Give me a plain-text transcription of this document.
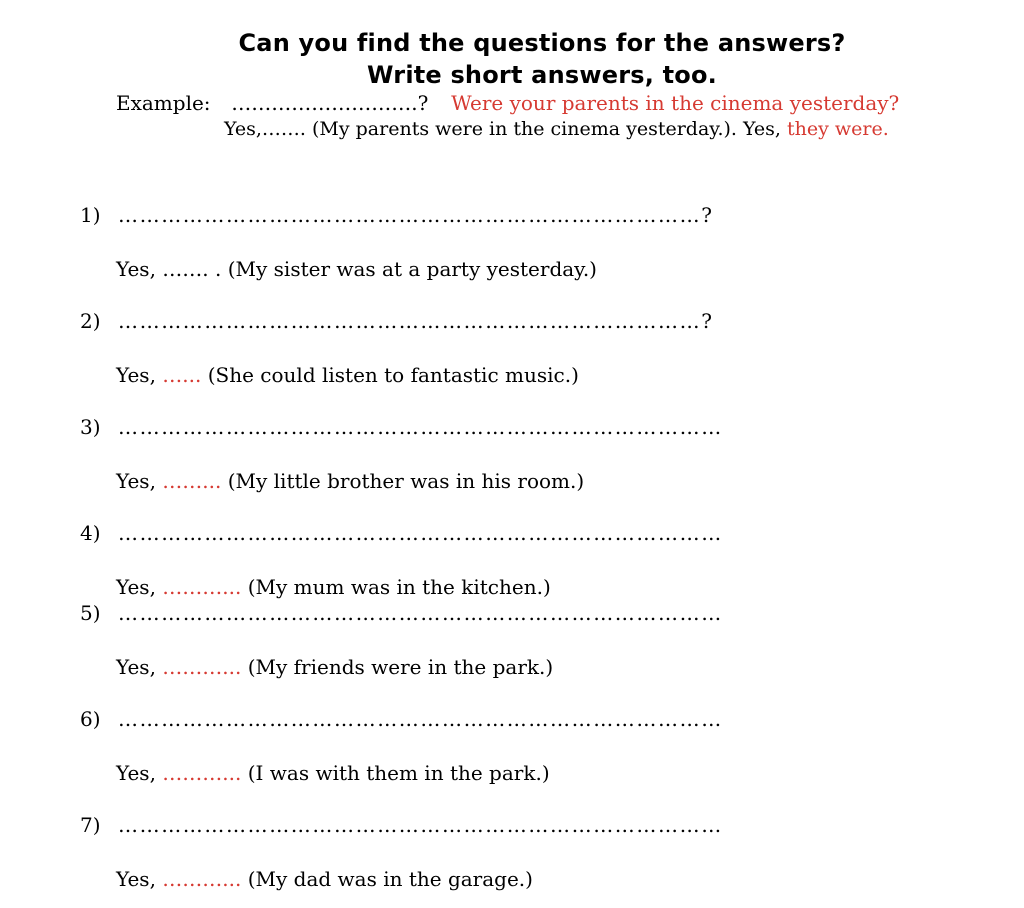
Can you find the questions for the answers?
Write short answers, too.
Example: ……………………….? Were your parents in the cinema yesterday?
Yes,……. (My parents were in the cinema yesterday.). Yes, they were.
1) ………………………………………………………………………?
Yes, ……. . (My sister was at a party yesterday.)
2) ………………………………………………………………………?
Yes, …... (She could listen to fantastic music.)
3) …………………………………………………………………………
Yes, ……... (My little brother was in his room.)
4) …………………………………………………………………………
Yes, ………... (My mum was in the kitchen.)
5) …………………………………………………………………………
Yes, ………... (My friends were in the park.)
6) …………………………………………………………………………
Yes, ………... (I was with them in the park.)
7) …………………………………………………………………………
Yes, ………... (My dad was in the garage.)
